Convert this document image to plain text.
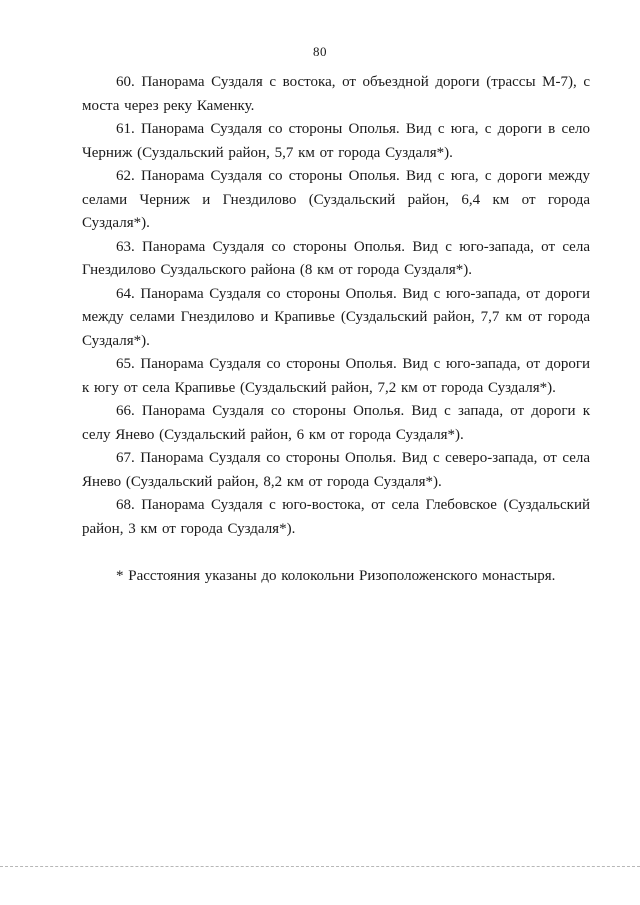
80

60. Панорама Суздаля с востока, от объездной дороги (трассы М-7), с моста через реку Каменку.

61. Панорама Суздаля со стороны Ополья. Вид с юга, с дороги в село Черниж (Суздальский район, 5,7 км от города Суздаля*).

62. Панорама Суздаля со стороны Ополья. Вид с юга, с дороги между селами Черниж и Гнездилово (Суздальский район, 6,4 км от города Суздаля*).

63. Панорама Суздаля со стороны Ополья. Вид с юго-запада, от села Гнездилово Суздальского района (8 км от города Суздаля*).

64. Панорама Суздаля со стороны Ополья. Вид с юго-запада, от дороги между селами Гнездилово и Крапивье (Суздальский район, 7,7 км от города Суздаля*).

65. Панорама Суздаля со стороны Ополья. Вид с юго-запада, от дороги к югу от села Крапивье (Суздальский район, 7,2 км от города Суздаля*).

66. Панорама Суздаля со стороны Ополья. Вид с запада, от дороги к селу Янево (Суздальский район, 6 км от города Суздаля*).

67. Панорама Суздаля со стороны Ополья. Вид с северо-запада, от села Янево (Суздальский район, 8,2 км от города Суздаля*).

68. Панорама Суздаля с юго-востока, от села Глебовское (Суздальский район, 3 км от города Суздаля*).

* Расстояния указаны до колокольни Ризоположенского монастыря.
